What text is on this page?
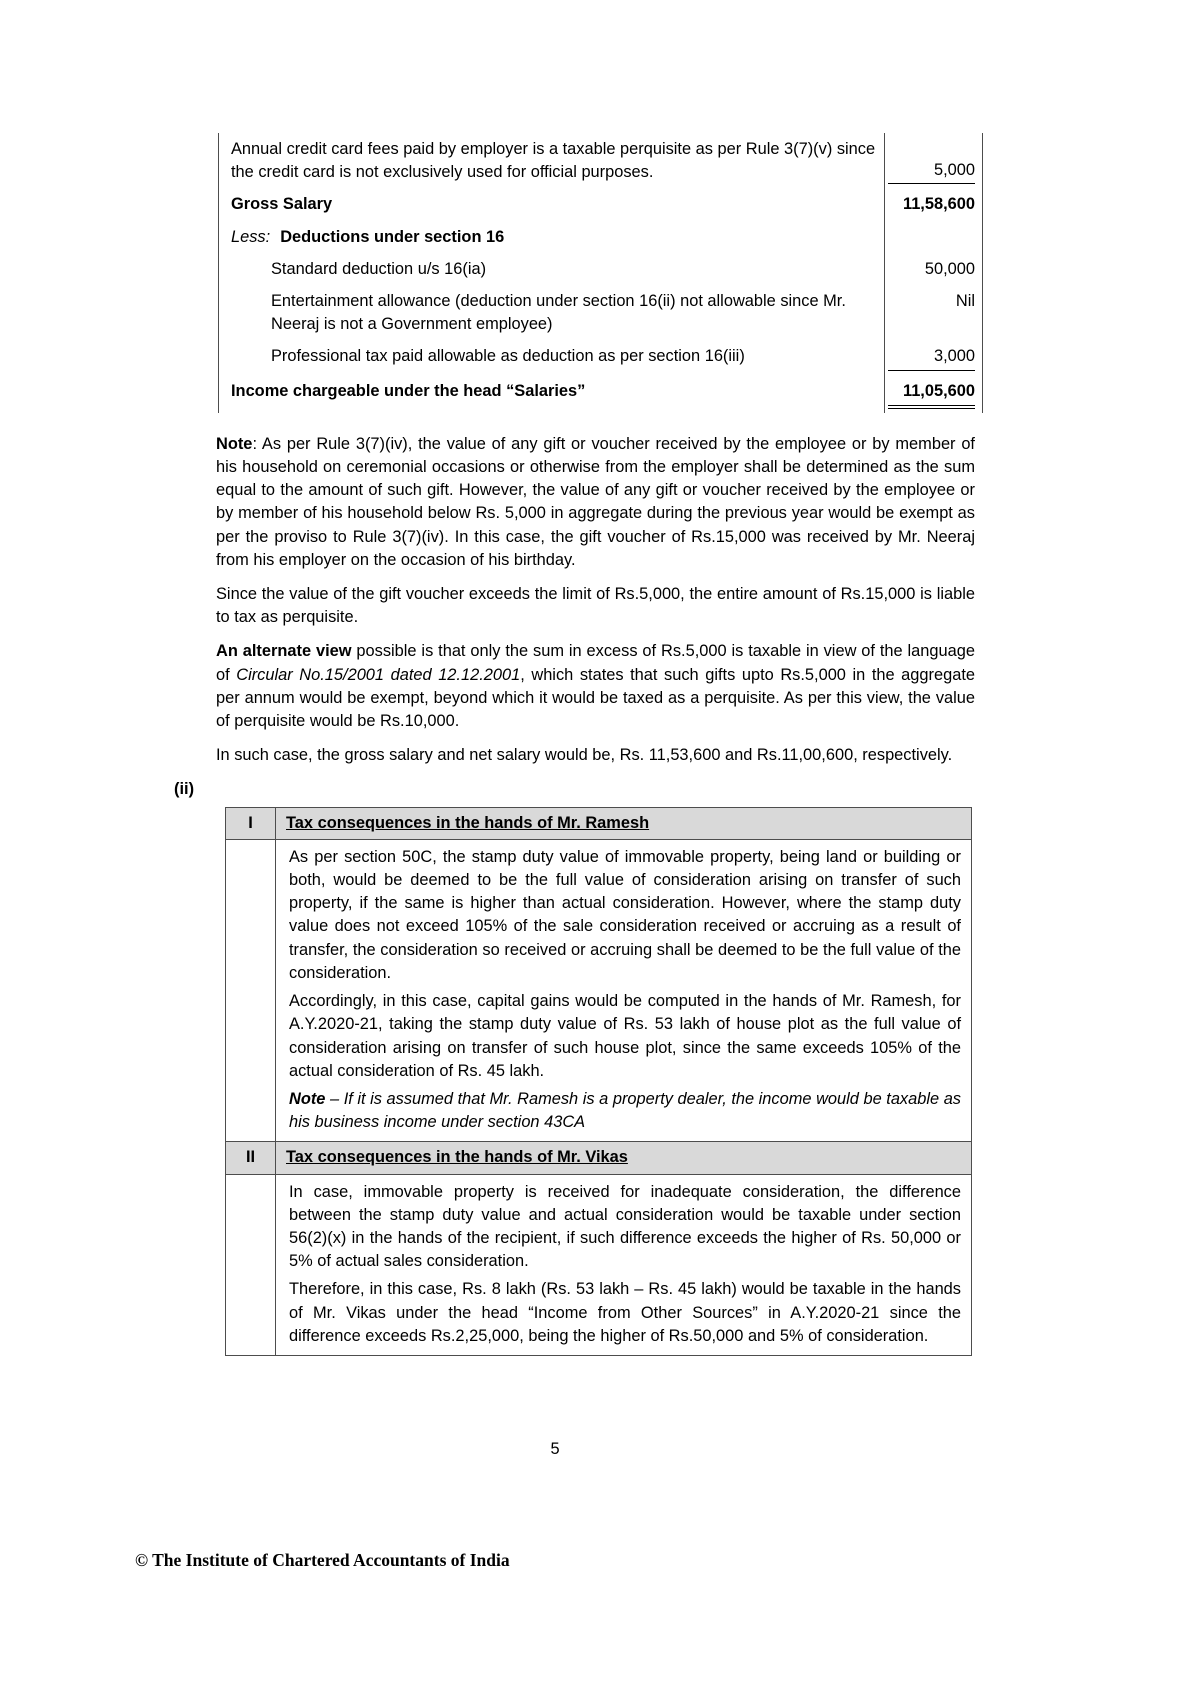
Annual credit card fees paid by employer is a taxable perquisite as per Rule 3(7)(v) since the credit card is not exclusively used for official purposes.	5,000
Gross Salary	11,58,600
Less: Deductions under section 16	
Standard deduction u/s 16(ia)	50,000
Entertainment allowance (deduction under section 16(ii) not allowable since Mr. Neeraj is not a Government employee)	Nil
Professional tax paid allowable as deduction as per section 16(iii)	3,000
Income chargeable under the head “Salaries”	11,05,600

Note: As per Rule 3(7)(iv), the value of any gift or voucher received by the employee or by member of his household on ceremonial occasions or otherwise from the employer shall be determined as the sum equal to the amount of such gift. However, the value of any gift or voucher received by the employee or by member of his household below Rs. 5,000 in aggregate during the previous year would be exempt as per the proviso to Rule 3(7)(iv). In this case, the gift voucher of Rs.15,000 was received by Mr. Neeraj from his employer on the occasion of his birthday.

Since the value of the gift voucher exceeds the limit of Rs.5,000, the entire amount of Rs.15,000 is liable to tax as perquisite.

An alternate view possible is that only the sum in excess of Rs.5,000 is taxable in view of the language of Circular No.15/2001 dated 12.12.2001, which states that such gifts upto Rs.5,000 in the aggregate per annum would be exempt, beyond which it would be taxed as a perquisite. As per this view, the value of perquisite would be Rs.10,000.

In such case, the gross salary and net salary would be, Rs. 11,53,600 and Rs.11,00,600, respectively.

(ii)
I	Tax consequences in the hands of Mr. Ramesh

	As per section 50C, the stamp duty value of immovable property, being land or building or both, would be deemed to be the full value of consideration arising on transfer of such property, if the same is higher than actual consideration. However, where the stamp duty value does not exceed 105% of the sale consideration received or accruing as a result of transfer, the consideration so received or accruing shall be deemed to be the full value of the consideration.

Accordingly, in this case, capital gains would be computed in the hands of Mr. Ramesh, for A.Y.2020-21, taking the stamp duty value of Rs. 53 lakh of house plot as the full value of consideration arising on transfer of such house plot, since the same exceeds 105% of the actual consideration of Rs. 45 lakh.

Note – If it is assumed that Mr. Ramesh is a property dealer, the income would be taxable as his business income under section 43CA

II	Tax consequences in the hands of Mr. Vikas

	In case, immovable property is received for inadequate consideration, the difference between the stamp duty value and actual consideration would be taxable under section 56(2)(x) in the hands of the recipient, if such difference exceeds the higher of Rs. 50,000 or 5% of actual sales consideration.

Therefore, in this case, Rs. 8 lakh (Rs. 53 lakh – Rs. 45 lakh) would be taxable in the hands of Mr. Vikas under the head “Income from Other Sources” in A.Y.2020-21 since the difference exceeds Rs.2,25,000, being the higher of Rs.50,000 and 5% of consideration.

5
© The Institute of Chartered Accountants of India
